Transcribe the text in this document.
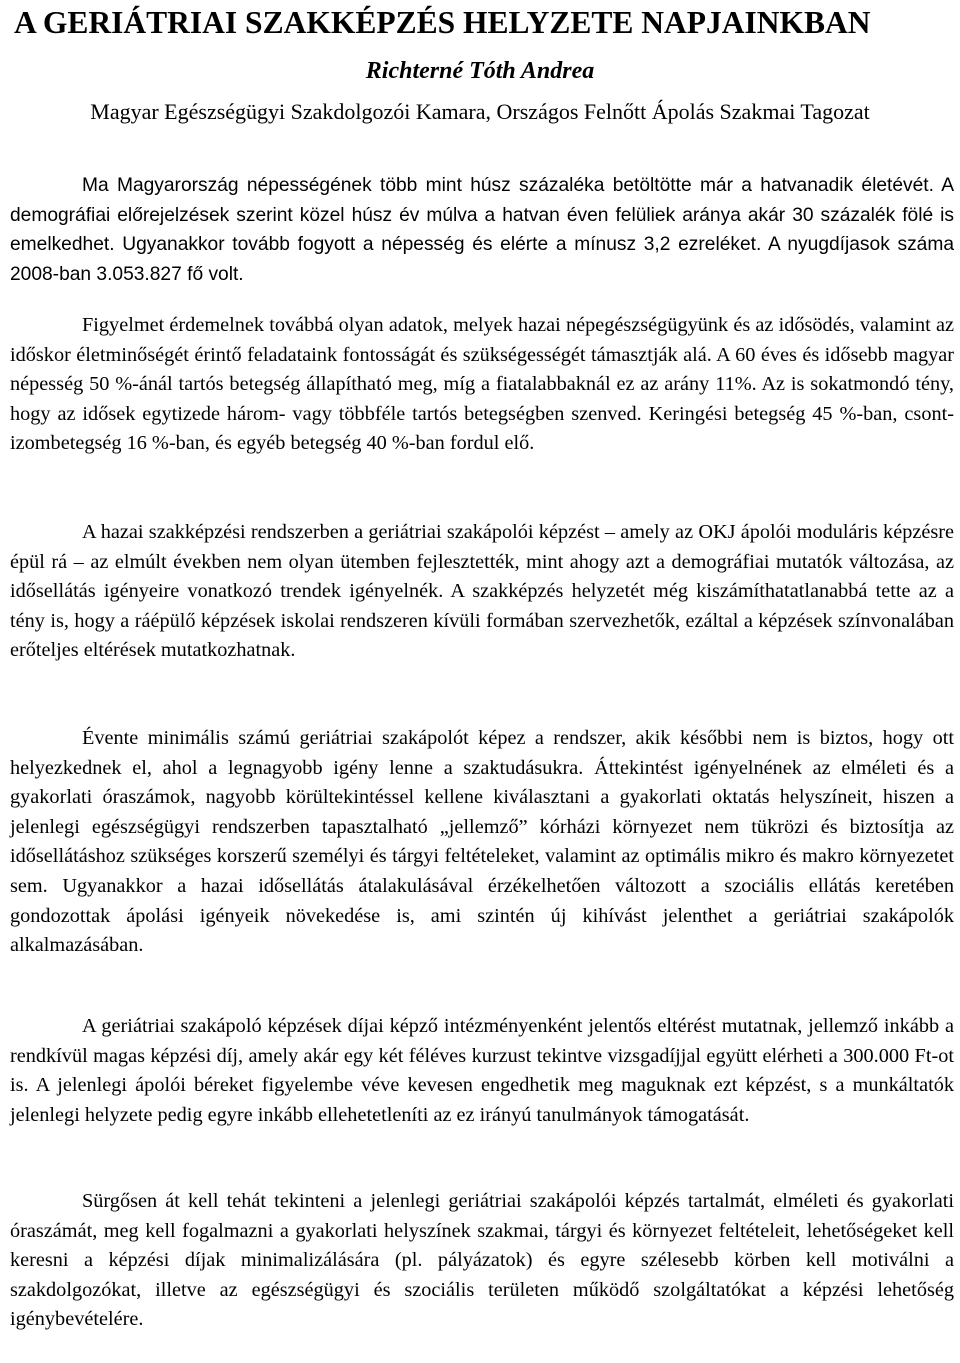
A GERIÁTRIAI SZAKKÉPZÉS HELYZETE NAPJAINKBAN

Richterné Tóth Andrea

Magyar Egészségügyi Szakdolgozói Kamara, Országos Felnőtt Ápolás Szakmai Tagozat

Ma Magyarország népességének több mint húsz százaléka betöltötte már a hatvanadik életévét. A demográfiai előrejelzések szerint közel húsz év múlva a hatvan éven felüliek aránya akár 30 százalék fölé is emelkedhet. Ugyanakkor tovább fogyott a népesség és elérte a mínusz 3,2 ezreléket. A nyugdíjasok száma 2008-ban 3.053.827 fő volt.

Figyelmet érdemelnek továbbá olyan adatok, melyek hazai népegészségügyünk és az idősödés, valamint az időskor életminőségét érintő feladataink fontosságát és szükségességét támasztják alá. A 60 éves és idősebb magyar népesség 50 %-ánál tartós betegség állapítható meg, míg a fiatalabbaknál ez az arány 11%. Az is sokatmondó tény, hogy az idősek egytizede három- vagy többféle tartós betegségben szenved. Keringési betegség 45 %-ban, csont-izombetegség 16 %-ban, és egyéb betegség 40 %-ban fordul elő.

A hazai szakképzési rendszerben a geriátriai szakápolói képzést – amely az OKJ ápolói moduláris képzésre épül rá – az elmúlt években nem olyan ütemben fejlesztették, mint ahogy azt a demográfiai mutatók változása, az idősellátás igényeire vonatkozó trendek igényelnék. A szakképzés helyzetét még kiszámíthatatlanabbá tette az a tény is, hogy a ráépülő képzések iskolai rendszeren kívüli formában szervezhetők, ezáltal a képzések színvonalában erőteljes eltérések mutatkozhatnak.

Évente minimális számú geriátriai szakápolót képez a rendszer, akik későbbi nem is biztos, hogy ott helyezkednek el, ahol a legnagyobb igény lenne a szaktudásukra. Áttekintést igényelnének az elméleti és a gyakorlati óraszámok, nagyobb körültekintéssel kellene kiválasztani a gyakorlati oktatás helyszíneit, hiszen a jelenlegi egészségügyi rendszerben tapasztalható „jellemző” kórházi környezet nem tükrözi és biztosítja az idősellátáshoz szükséges korszerű személyi és tárgyi feltételeket, valamint az optimális mikro és makro környezetet sem. Ugyanakkor a hazai idősellátás átalakulásával érzékelhetően változott a szociális ellátás keretében gondozottak ápolási igényeik növekedése is, ami szintén új kihívást jelenthet a geriátriai szakápolók alkalmazásában.

A geriátriai szakápoló képzések díjai képző intézményenként jelentős eltérést mutatnak, jellemző inkább a rendkívül magas képzési díj, amely akár egy két féléves kurzust tekintve vizsgadíjjal együtt elérheti a 300.000 Ft-ot is. A jelenlegi ápolói béreket figyelembe véve kevesen engedhetik meg maguknak ezt képzést, s a munkáltatók jelenlegi helyzete pedig egyre inkább ellehetetleníti az ez irányú tanulmányok támogatását.

Sürgősen át kell tehát tekinteni a jelenlegi geriátriai szakápolói képzés tartalmát, elméleti és gyakorlati óraszámát, meg kell fogalmazni a gyakorlati helyszínek szakmai, tárgyi és környezet feltételeit, lehetőségeket kell keresni a képzési díjak minimalizálására (pl. pályázatok) és egyre szélesebb körben kell motiválni a szakdolgozókat, illetve az egészségügyi és szociális területen működő szolgáltatókat a képzési lehetőség igénybevételére.
